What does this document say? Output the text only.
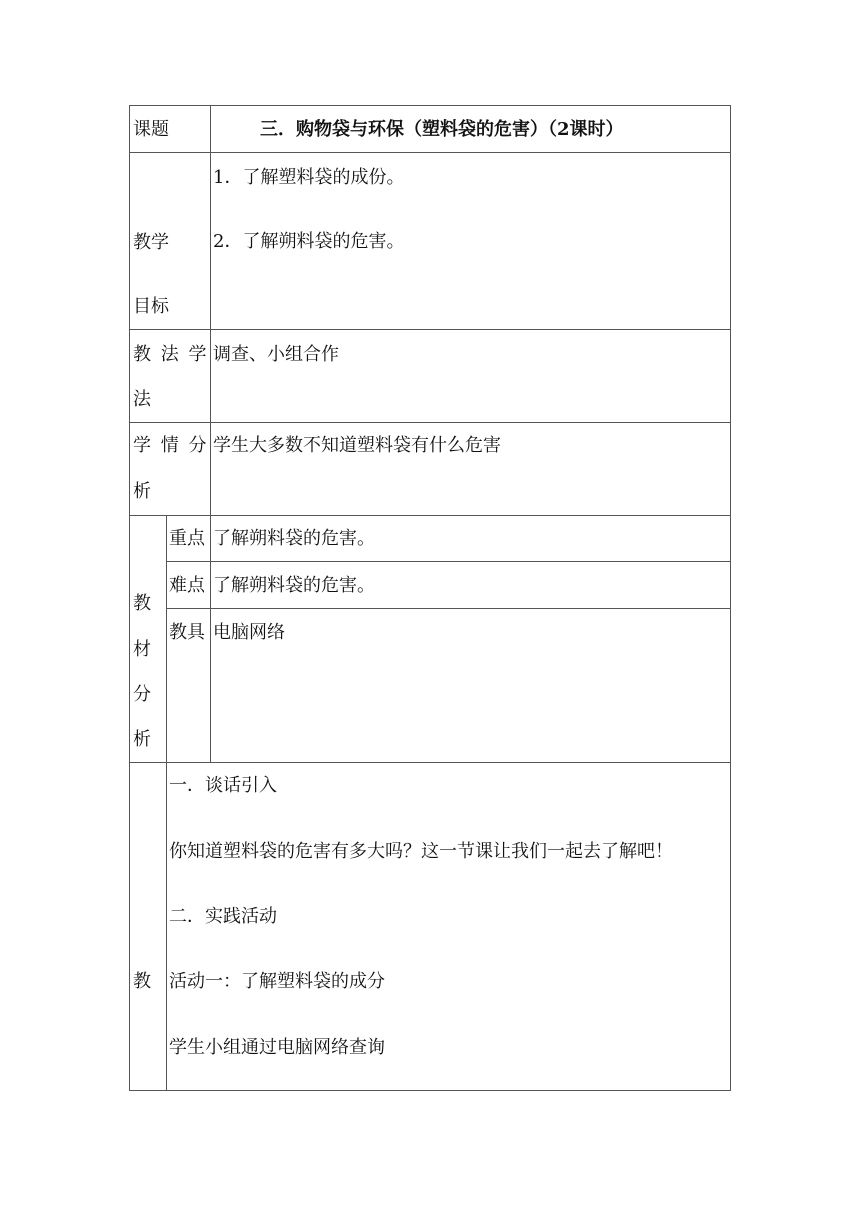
课题	三．购物袋与环保（塑料袋的危害）（2课时）
教学
目标
1．了解塑料袋的成份。
2．了解朔料袋的危害。
教 法 学
法
调查、小组合作
学 情 分
析
学生大多数不知道塑料袋有什么危害
教
材
分
析
重点 了解朔料袋的危害。
难点 了解朔料袋的危害。
教具 电脑网络
教
一．谈话引入
你知道塑料袋的危害有多大吗？这一节课让我们一起去了解吧！
二．实践活动
活动一：了解塑料袋的成分
学生小组通过电脑网络查询
